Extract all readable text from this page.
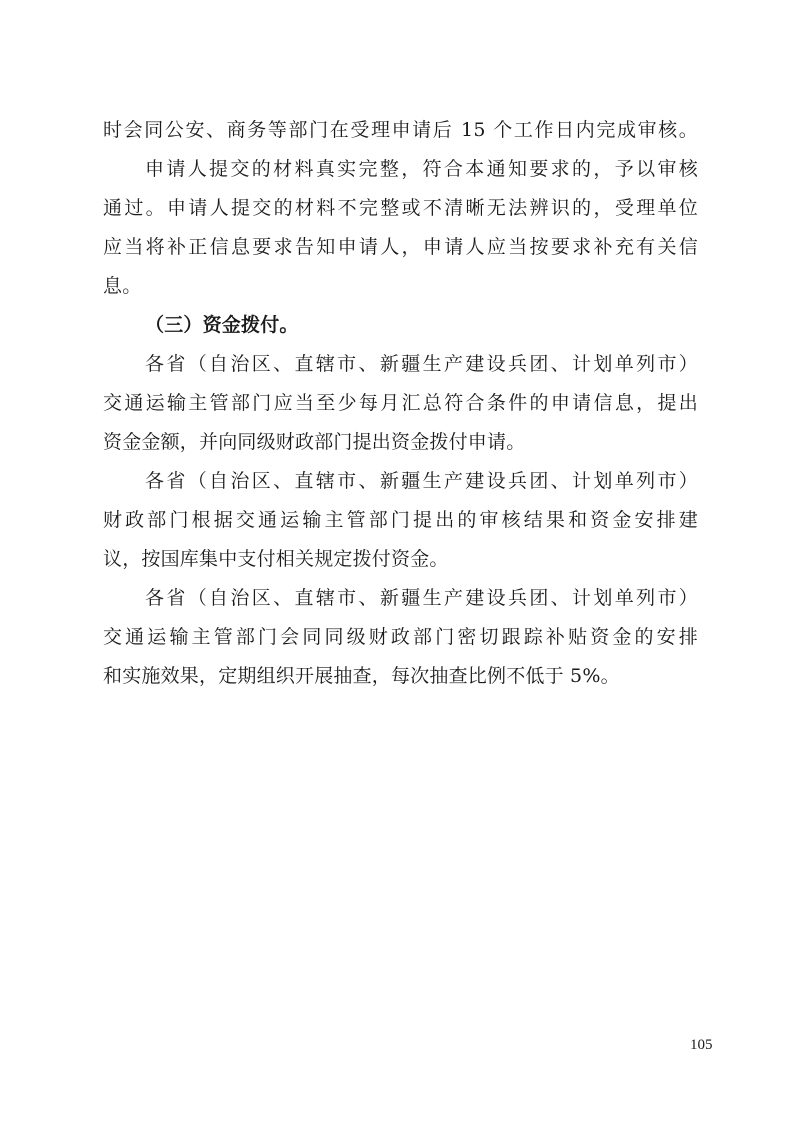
时会同公安、商务等部门在受理申请后 15 个工作日内完成审核。
申请人提交的材料真实完整，符合本通知要求的，予以审核
通过。申请人提交的材料不完整或不清晰无法辨识的，受理单位
应当将补正信息要求告知申请人，申请人应当按要求补充有关信
息。
（三）资金拨付。
各省（自治区、直辖市、新疆生产建设兵团、计划单列市）
交通运输主管部门应当至少每月汇总符合条件的申请信息，提出
资金金额，并向同级财政部门提出资金拨付申请。
各省（自治区、直辖市、新疆生产建设兵团、计划单列市）
财政部门根据交通运输主管部门提出的审核结果和资金安排建
议，按国库集中支付相关规定拨付资金。
各省（自治区、直辖市、新疆生产建设兵团、计划单列市）
交通运输主管部门会同同级财政部门密切跟踪补贴资金的安排
和实施效果，定期组织开展抽查，每次抽查比例不低于 5%。
105
